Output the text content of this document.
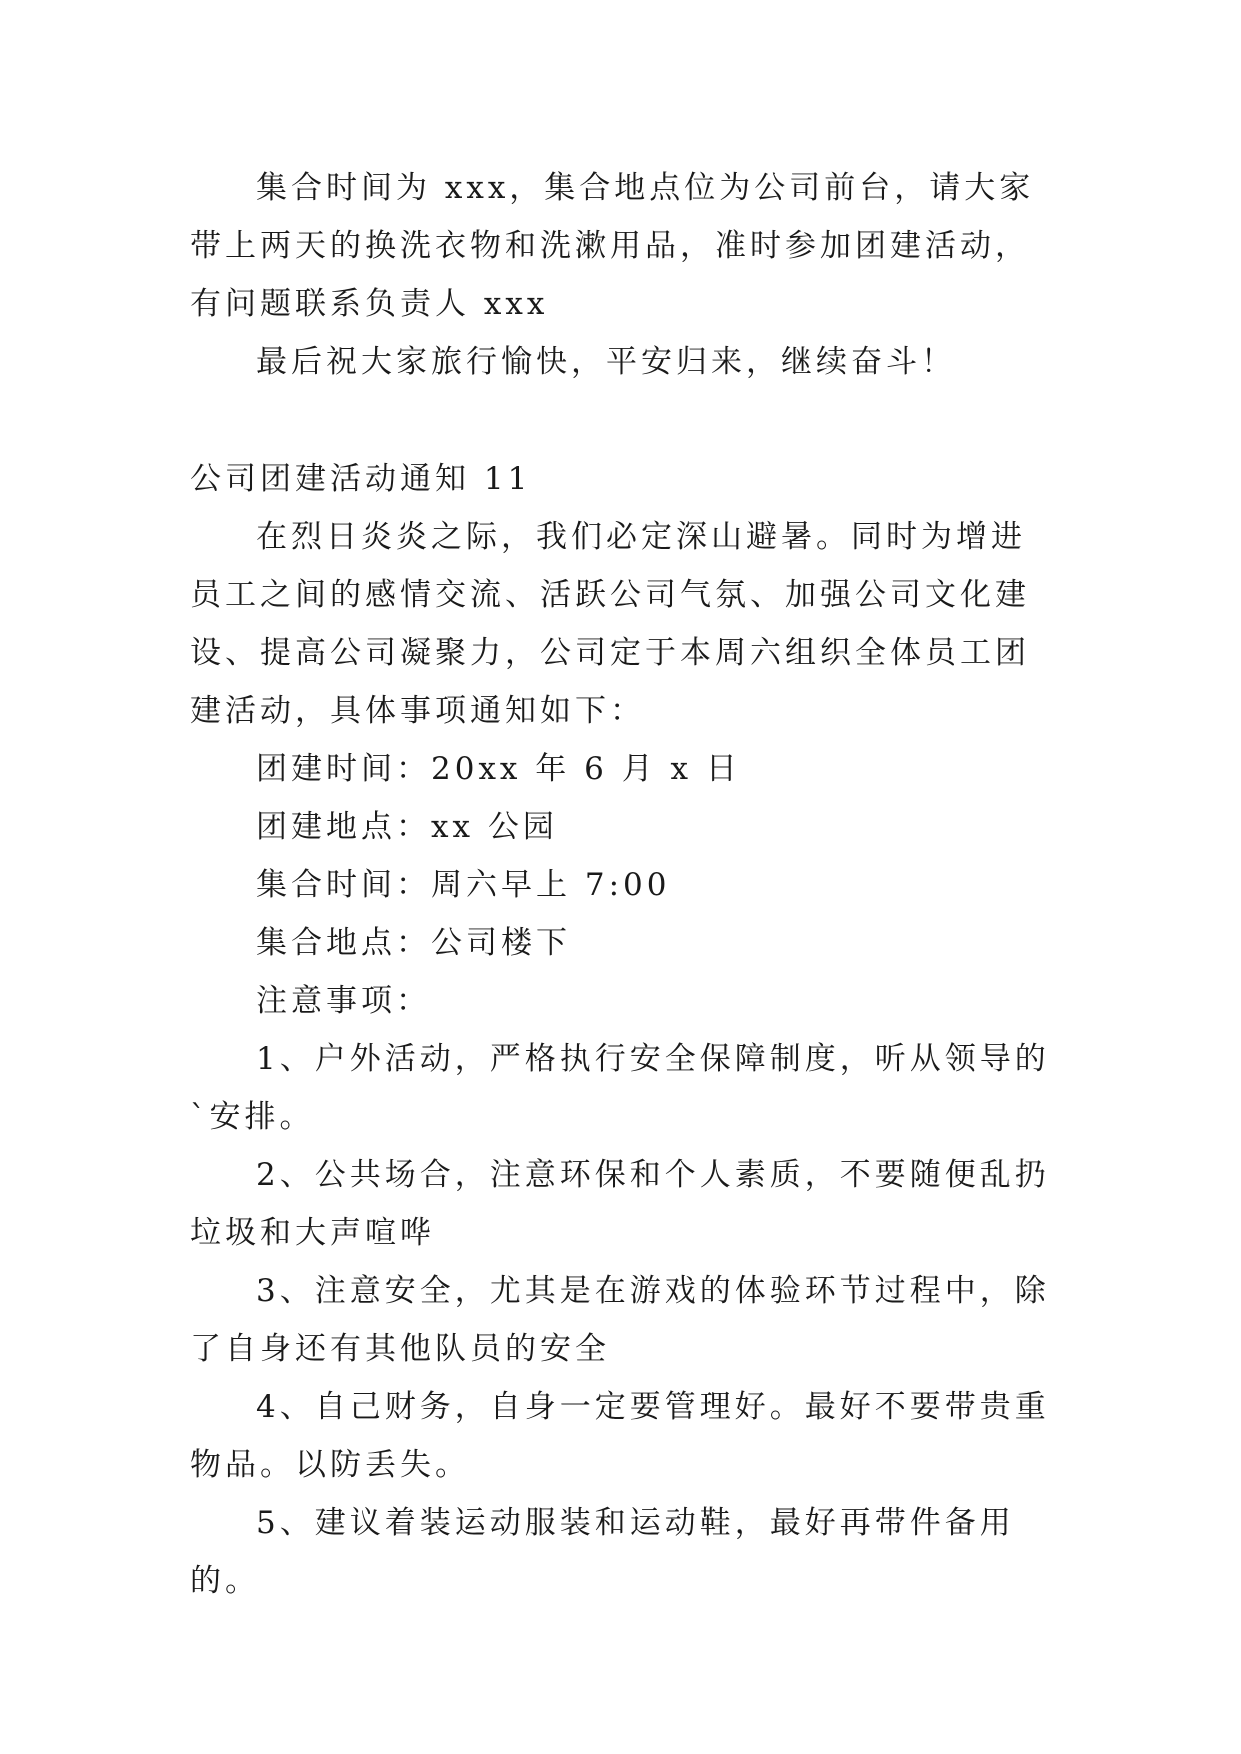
集合时间为 xxx，集合地点位为公司前台，请大家带上两天的换洗衣物和洗漱用品，准时参加团建活动，有问题联系负责人 xxx

最后祝大家旅行愉快，平安归来，继续奋斗！

公司团建活动通知 11

在烈日炎炎之际，我们必定深山避暑。同时为增进员工之间的感情交流、活跃公司气氛、加强公司文化建设、提高公司凝聚力，公司定于本周六组织全体员工团建活动，具体事项通知如下：

团建时间：20xx 年 6 月 x 日

团建地点：xx 公园

集合时间：周六早上 7:00

集合地点：公司楼下

注意事项：

1、户外活动，严格执行安全保障制度，听从领导的`安排。

2、公共场合，注意环保和个人素质，不要随便乱扔垃圾和大声喧哗

3、注意安全，尤其是在游戏的体验环节过程中，除了自身还有其他队员的安全

4、自己财务，自身一定要管理好。最好不要带贵重物品。以防丢失。

5、建议着装运动服装和运动鞋，最好再带件备用的。
